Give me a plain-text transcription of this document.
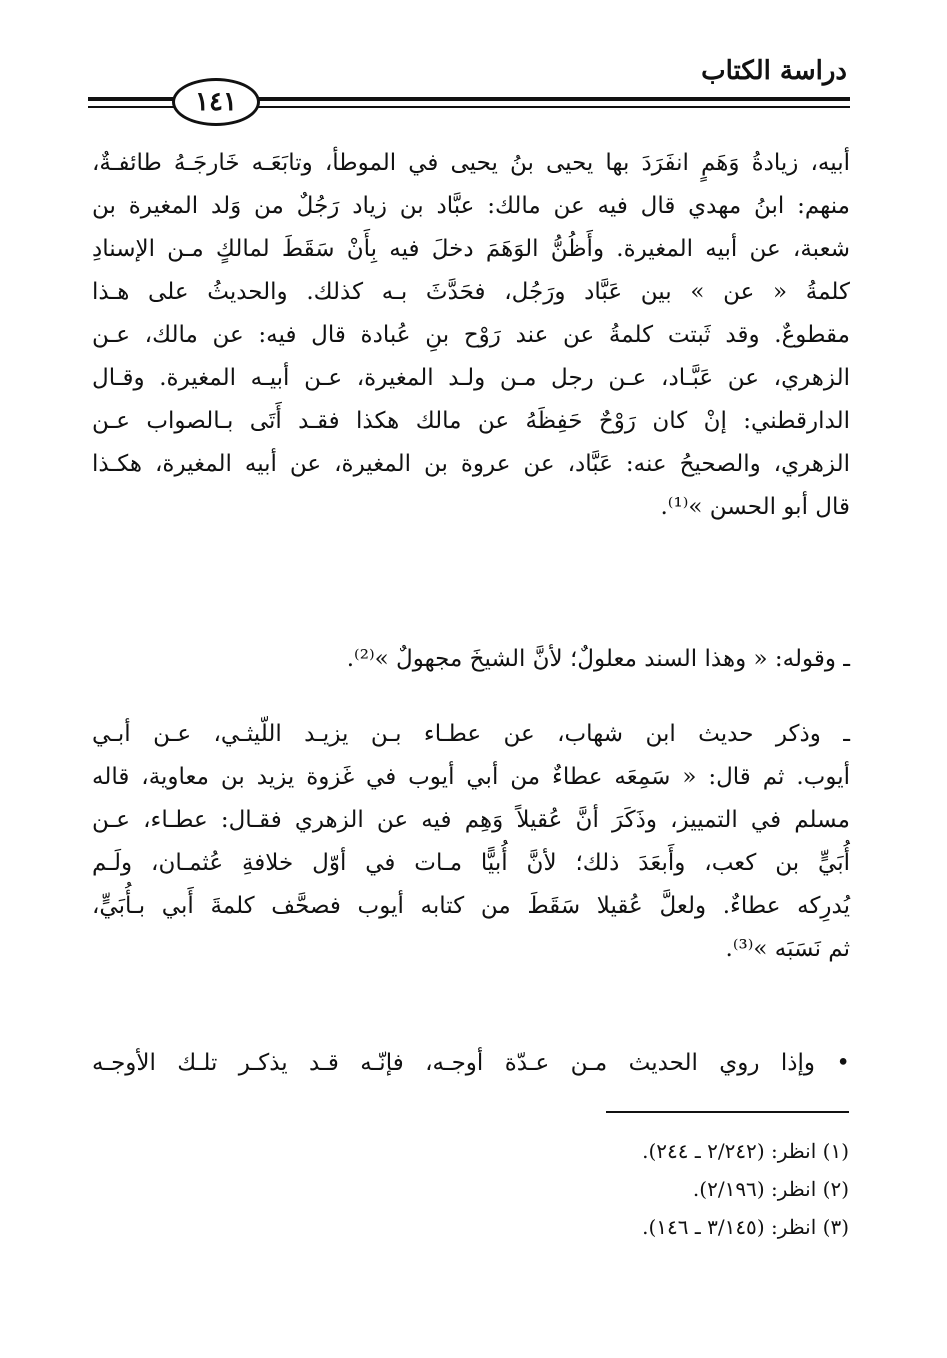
دراسة الكتاب
١٤١
أبيه، زيادةُ وَهَمٍ انفَرَدَ بها يحيى بنُ يحيى في الموطأ، وتابَعَـه خَارجَـهُ طائفـةٌ،
منهم: ابنُ مهدي قال فيه عن مالك: عبَّاد بن زياد رَجُلٌ من وَلد المغيرة بن
شعبة، عن أبيه المغيرة. وأَظُنُّ الوَهَمَ دخلَ فيه بِأَنْ سَقَطَ لمالكٍ مـن الإسنادِ
كلمةُ « عن » بين عَبَّاد ورَجُل، فحَدَّثَ بـه كذلك. والحديثُ على هـذا
مقطوعٌ. وقد ثَبتت كلمةُ عن عند رَوْح بنِ عُبادة قال فيه: عن مالك، عـن
الزهري، عن عَبَّـاد، عـن رجل مـن ولـد المغيرة، عـن أبيـه المغيرة. وقـال
الدارقطني: إنْ كان رَوْحٌ حَفِظَهُ عن مالك هكذا فقـد أَتَى بـالصواب عـن
الزهري، والصحيحُ عنه: عَبَّاد، عن عروة بن المغيرة، عن أبيه المغيرة، هكـذا
قال أبو الحسن »⁽¹⁾.
ـ وقوله: « وهذا السند معلولٌ؛ لأنَّ الشيخَ مجهولٌ »⁽²⁾.
ـ وذكر حديث ابن شهاب، عن عطـاء بـن يزيـد اللّيثـي، عـن أبـي
أيوب. ثم قال: « سَمِعَه عطاءٌ من أبي أيوب في غَزوة يزيد بن معاوية، قاله
مسلم في التمييز، وذَكَرَ أنَّ عُقيلاً وَهِم فيه عن الزهري فقـال: عطـاء، عـن
أُبَيٍّ بن كعب، وأَبعَدَ ذلك؛ لأنَّ أُبيًّا مـات في أوّل خلافةِ عُثمـان، ولَـم
يُدرِكه عطاءٌ. ولعلَّ عُقيلا سَقَطَ من كتابه أيوب فصحَّف كلمةَ أَبي بـأُبَيٍّ،
ثم نَسَبَه »⁽³⁾.
• وإذا روي الحديث مـن عـدّة أوجـه، فإنّـه قـد يذكـر تلـك الأوجـه
(١) انظر: (٢/٢٤٢ ـ ٢٤٤).
(٢) انظر: (٢/١٩٦).
(٣) انظر: (٣/١٤٥ ـ ١٤٦).
